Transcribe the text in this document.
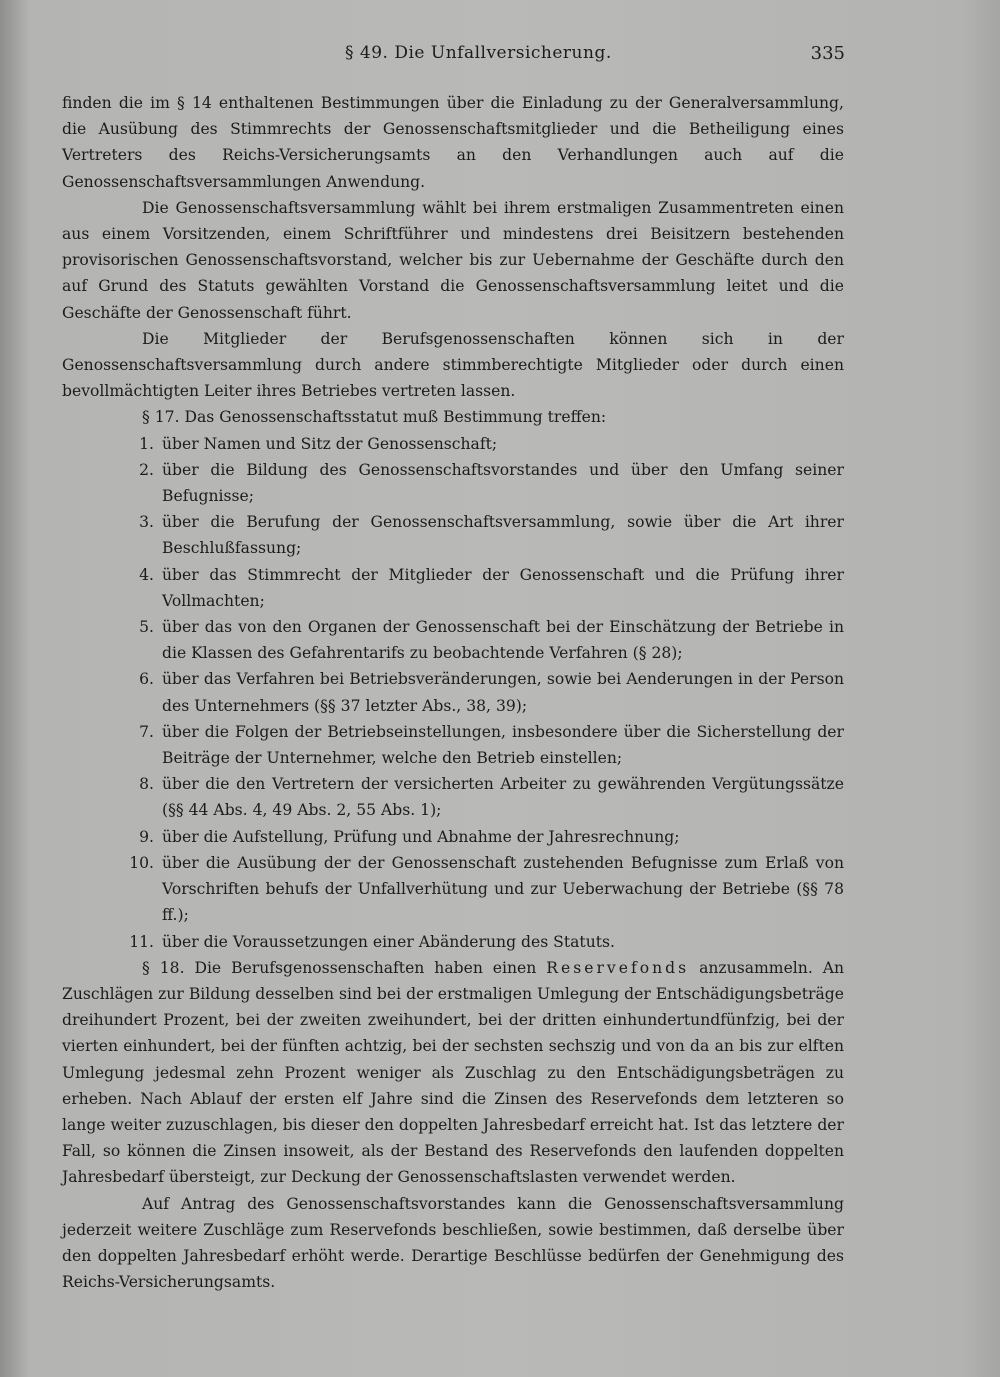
§ 49. Die Unfallversicherung.	335

finden die im § 14 enthaltenen Bestimmungen über die Einladung zu der Generalversammlung, die Ausübung des Stimmrechts der Genossenschaftsmitglieder und die Betheiligung eines Vertreters des Reichs-Versicherungsamts an den Verhandlungen auch auf die Genossenschaftsversammlungen Anwendung.

Die Genossenschaftsversammlung wählt bei ihrem erstmaligen Zusammentreten einen aus einem Vorsitzenden, einem Schriftführer und mindestens drei Beisitzern bestehenden provisorischen Genossenschaftsvorstand, welcher bis zur Uebernahme der Geschäfte durch den auf Grund des Statuts gewählten Vorstand die Genossenschaftsversammlung leitet und die Geschäfte der Genossenschaft führt.

Die Mitglieder der Berufsgenossenschaften können sich in der Genossenschaftsversammlung durch andere stimmberechtigte Mitglieder oder durch einen bevollmächtigten Leiter ihres Betriebes vertreten lassen.

§ 17. Das Genossenschaftsstatut muß Bestimmung treffen:

1. über Namen und Sitz der Genossenschaft;
2. über die Bildung des Genossenschaftsvorstandes und über den Umfang seiner Befugnisse;
3. über die Berufung der Genossenschaftsversammlung, sowie über die Art ihrer Beschlußfassung;
4. über das Stimmrecht der Mitglieder der Genossenschaft und die Prüfung ihrer Vollmachten;
5. über das von den Organen der Genossenschaft bei der Einschätzung der Betriebe in die Klassen des Gefahrentarifs zu beobachtende Verfahren (§ 28);
6. über das Verfahren bei Betriebsveränderungen, sowie bei Aenderungen in der Person des Unternehmers (§§ 37 letzter Abs., 38, 39);
7. über die Folgen der Betriebseinstellungen, insbesondere über die Sicherstellung der Beiträge der Unternehmer, welche den Betrieb einstellen;
8. über die den Vertretern der versicherten Arbeiter zu gewährenden Vergütungssätze (§§ 44 Abs. 4, 49 Abs. 2, 55 Abs. 1);
9. über die Aufstellung, Prüfung und Abnahme der Jahresrechnung;
10. über die Ausübung der der Genossenschaft zustehenden Befugnisse zum Erlaß von Vorschriften behufs der Unfallverhütung und zur Ueberwachung der Betriebe (§§ 78 ff.);
11. über die Voraussetzungen einer Abänderung des Statuts.

§ 18. Die Berufsgenossenschaften haben einen Reservefonds anzusammeln. An Zuschlägen zur Bildung desselben sind bei der erstmaligen Umlegung der Entschädigungsbeträge dreihundert Prozent, bei der zweiten zweihundert, bei der dritten einhundertundfünfzig, bei der vierten einhundert, bei der fünften achtzig, bei der sechsten sechszig und von da an bis zur elften Umlegung jedesmal zehn Prozent weniger als Zuschlag zu den Entschädigungsbeträgen zu erheben. Nach Ablauf der ersten elf Jahre sind die Zinsen des Reservefonds dem letzteren so lange weiter zuzuschlagen, bis dieser den doppelten Jahresbedarf erreicht hat. Ist das letztere der Fall, so können die Zinsen insoweit, als der Bestand des Reservefonds den laufenden doppelten Jahresbedarf übersteigt, zur Deckung der Genossenschaftslasten verwendet werden.

Auf Antrag des Genossenschaftsvorstandes kann die Genossenschaftsversammlung jederzeit weitere Zuschläge zum Reservefonds beschließen, sowie bestimmen, daß derselbe über den doppelten Jahresbedarf erhöht werde. Derartige Beschlüsse bedürfen der Genehmigung des Reichs-Versicherungsamts.
